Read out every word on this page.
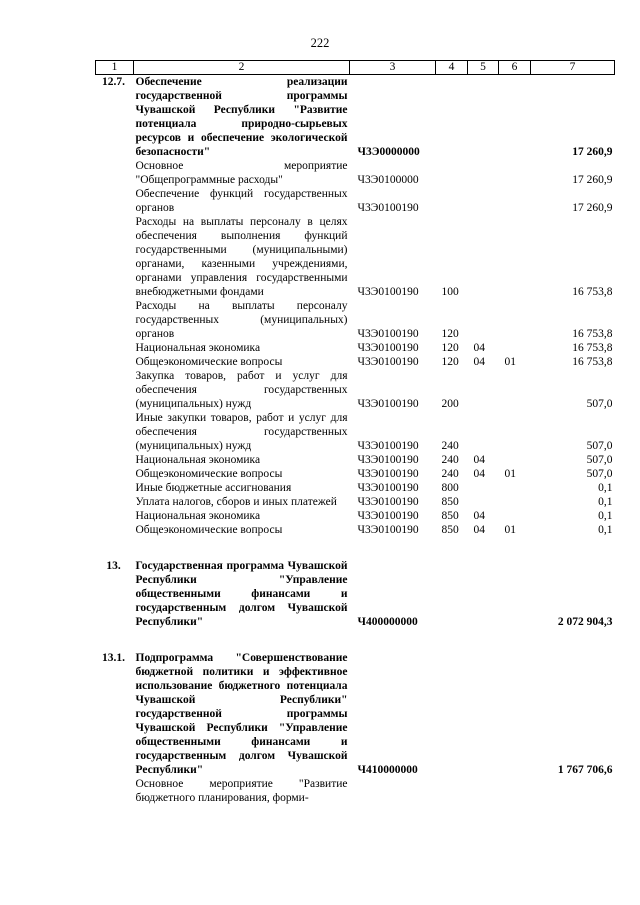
222
1	2	3	4	5	6	7
12.7.	Обеспечение реализации государственной программы Чувашской Республики "Развитие потенциала природно-сырьевых ресурсов и обеспечение экологической безопасности"	Ч3Э0000000				17 260,9
	Основное мероприятие "Общепрограммные расходы"	Ч3Э0100000				17 260,9
	Обеспечение функций государственных органов	Ч3Э0100190				17 260,9
	Расходы на выплаты персоналу в целях обеспечения выполнения функций государственными (муниципальными) органами, казенными учреждениями, органами управления государственными внебюджетными фондами	Ч3Э0100190	100			16 753,8
	Расходы на выплаты персоналу государственных (муниципальных) органов	Ч3Э0100190	120			16 753,8
	Национальная экономика	Ч3Э0100190	120	04		16 753,8
	Общеэкономические вопросы	Ч3Э0100190	120	04	01	16 753,8
	Закупка товаров, работ и услуг для обеспечения государственных (муниципальных) нужд	Ч3Э0100190	200			507,0
	Иные закупки товаров, работ и услуг для обеспечения государственных (муниципальных) нужд	Ч3Э0100190	240			507,0
	Национальная экономика	Ч3Э0100190	240	04		507,0
	Общеэкономические вопросы	Ч3Э0100190	240	04	01	507,0
	Иные бюджетные ассигнования	Ч3Э0100190	800			0,1
	Уплата налогов, сборов и иных платежей	Ч3Э0100190	850			0,1
	Национальная экономика	Ч3Э0100190	850	04		0,1
	Общеэкономические вопросы	Ч3Э0100190	850	04	01	0,1

13.	Государственная программа Чувашской Республики "Управление общественными финансами и государственным долгом Чувашской Республики"	Ч400000000				2 072 904,3

13.1.	Подпрограмма "Совершенствование бюджетной политики и эффективное использование бюджетного потенциала Чувашской Республики" государственной программы Чувашской Республики "Управление общественными финансами и государственным долгом Чувашской Республики"	Ч410000000				1 767 706,6
	Основное мероприятие "Развитие бюджетного планирования, форми-					
